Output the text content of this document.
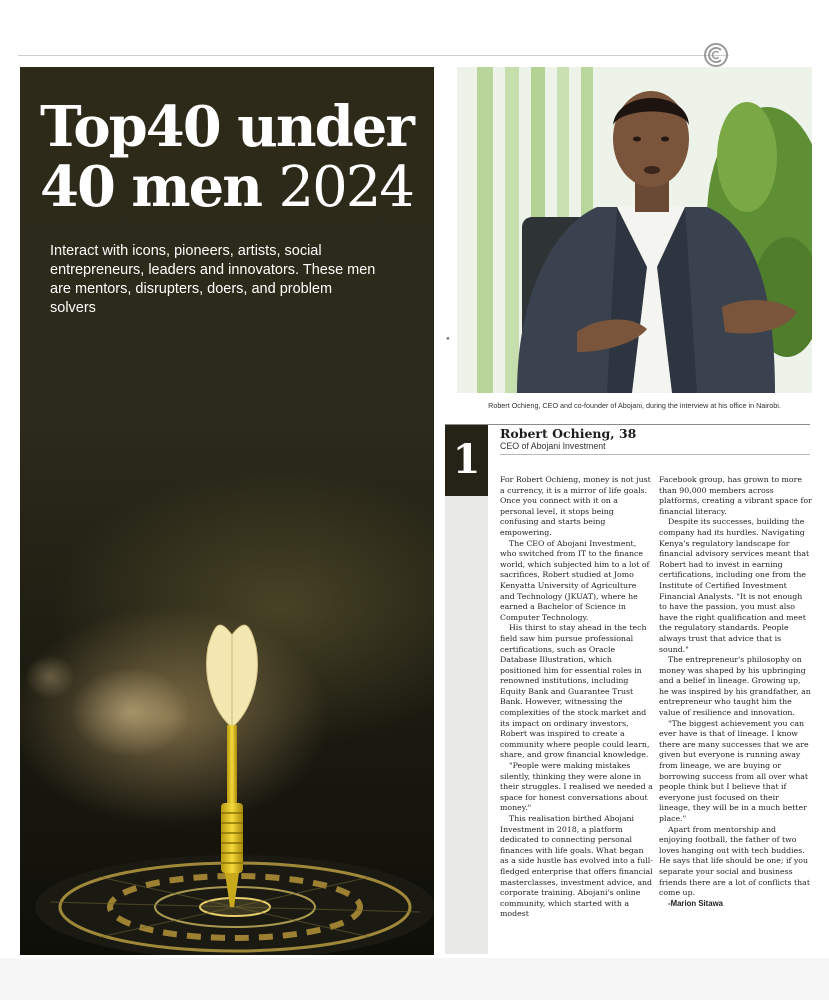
Top40 under
40 men 2024

Interact with icons, pioneers, artists, social entrepreneurs, leaders and innovators. These men are mentors, disrupters, doers, and problem solvers

■

Robert Ochieng, CEO and co-founder of Abojani, during the interview at his office in Nairobi.

1
Robert Ochieng, 38

CEO of Abojani Investment

For Robert Ochieng, money is not just a currency, it is a mirror of life goals. Once you connect with it on a personal level, it stops being confusing and starts being empowering.

The CEO of Abojani Investment, who switched from IT to the finance world, which subjected him to a lot of sacrifices, Robert studied at Jomo Kenyatta University of Agriculture and Technology (JKUAT), where he earned a Bachelor of Science in Computer Technology.

His thirst to stay ahead in the tech field saw him pursue professional certifications, such as Oracle Database Illustration, which positioned him for essential roles in renowned institutions, including Equity Bank and Guarantee Trust Bank. However, witnessing the complexities of the stock market and its impact on ordinary investors, Robert was inspired to create a community where people could learn, share, and grow financial knowledge.

"People were making mistakes silently, thinking they were alone in their struggles. I realised we needed a space for honest conversations about money."

This realisation birthed Abojani Investment in 2018, a platform dedicated to connecting personal finances with life goals. What began as a side hustle has evolved into a full-fledged enterprise that offers financial masterclasses, investment advice, and corporate training. Abojani's online community, which started with a modest

Facebook group, has grown to more than 90,000 members across platforms, creating a vibrant space for financial literacy.

Despite its successes, building the company had its hurdles. Navigating Kenya's regulatory landscape for financial advisory services meant that Robert had to invest in earning certifications, including one from the Institute of Certified Investment Financial Analysts. "It is not enough to have the passion, you must also have the right qualification and meet the regulatory standards. People always trust that advice that is sound."

The entrepreneur's philosophy on money was shaped by his upbringing and a belief in lineage. Growing up, he was inspired by his grandfather, an entrepreneur who taught him the value of resilience and innovation.

"The biggest achievement you can ever have is that of lineage. I know there are many successes that we are given but everyone is running away from lineage, we are buying or borrowing success from all over what people think but I believe that if everyone just focused on their lineage, they will be in a much better place."

Apart from mentorship and enjoying football, the father of two loves hanging out with tech buddies. He says that life should be one; if you separate your social and business friends there are a lot of conflicts that come up.

-Marion Sitawa
